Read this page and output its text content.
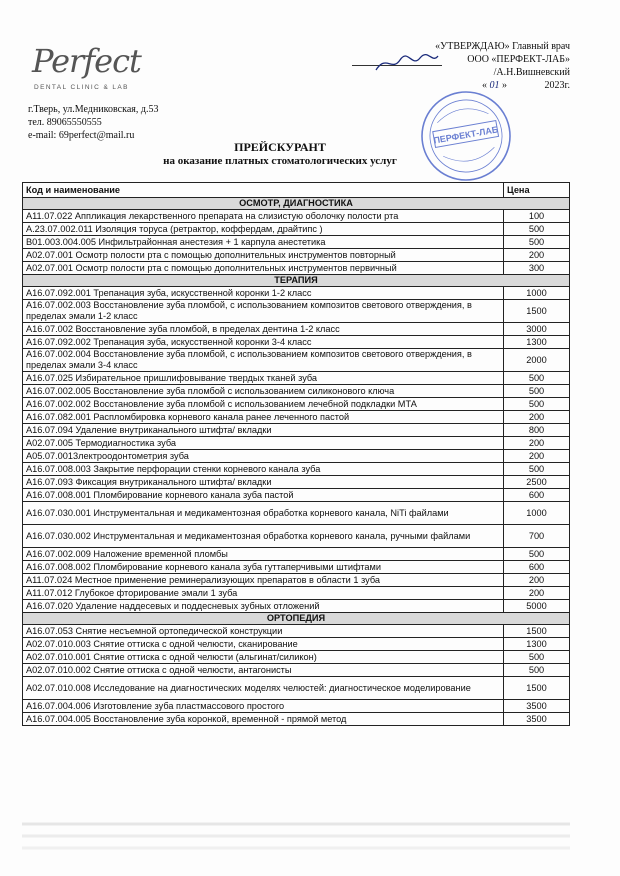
Perfect
DENTAL CLINIC & LAB
г.Тверь, ул.Медниковская, д.53
тел. 89065550555
e-mail: 69perfect@mail.ru
«УТВЕРЖДАЮ» Главный врач
ООО «ПЕРФЕКТ-ЛАБ»
/А.Н.Вишневский
« 01 »	2023г.
ПЕРФЕКТ-ЛАБ
ПРЕЙСКУРАНТ
на оказание платных стоматологических услуг
Код и наименование	Цена
ОСМОТР, ДИАГНОСТИКА	
A11.07.022 Аппликация лекарственного препарата на слизистую оболочку полости рта	100
A.23.07.002.011 Изоляция торуса (ретрактор, коффердам, драйтипс )	500
B01.003.004.005 Инфильтрайонная анестезия + 1 карпула анестетика	500
A02.07.001 Осмотр полости рта с помощью дополнительных инструментов повторный	200
A02.07.001 Осмотр полости рта с помощью дополнительных инструментов первичный	300
ТЕРАПИЯ	
A16.07.092.001 Трепанация зуба, искусственной коронки 1-2 класс	1000
A16.07.002.003 Восстановление зуба пломбой, с использованием композитов светового отверждения, в пределах эмали 1-2 класс	1500
A16.07.002 Восстановление зуба пломбой, в пределах дентина 1-2 класс	3000
A16.07.092.002 Трепанация зуба, искусственной коронки 3-4 класс	1300
A16.07.002.004 Восстановление зуба пломбой, с использованием композитов светового отверждения, в пределах эмали 3-4 класс	2000
A16.07.025 Избирательное пришлифовывание твердых тканей зуба	500
A16.07.002.005 Восстановление зуба пломбой с использованием силиконового ключа	500
A16.07.002.002 Восстановление зуба пломбой с использованием лечебной подкладки МТА	500
A16.07.082.001 Распломбировка корневого канала ранее леченного пастой	200
A16.07.094 Удаление внутриканального штифта/ вкладки	800
A02.07.005 Термодиагностика зуба	200
A05.07.0013лектроодонтометрия зуба	200
A16.07.008.003 Закрытие перфорации стенки корневого канала зуба	500
A16.07.093 Фиксация внутриканального штифта/ вкладки	2500
A16.07.008.001 Пломбирование корневого канала зуба пастой	600
A16.07.030.001 Инструментальная и медикаментозная обработка корневого канала, NiTi файлами	1000
A16.07.030.002 Инструментальная и медикаментозная обработка корневого канала, ручными файлами	700
A16.07.002.009 Наложение временной пломбы	500
A16.07.008.002 Пломбирование корневого канала зуба гуттаперчивыми штифтами	600
A11.07.024 Местное применение реминерализующих препаратов в области 1 зуба	200
A11.07.012 Глубокое фторирование эмали 1 зуба	200
A16.07.020 Удаление наддесевых и поддесневых зубных отложений	5000
ОРТОПЕДИЯ	
A16.07.053 Снятие несъемной ортопедической конструкции	1500
A02.07.010.003 Снятие оттиска с одной челюсти, сканирование	1300
A02.07.010.001 Снятие оттиска с одной челюсти (альгинат/силикон)	500
A02.07.010.002 Снятие оттиска с одной челюсти, антагонисты	500
A02.07.010.008 Исследование на диагностических моделях челюстей: диагностическое моделирование	1500
A16.07.004.006 Изготовление зуба пластмассового простого	3500
A16.07.004.005 Восстановление зуба коронкой, временной - прямой метод	3500
